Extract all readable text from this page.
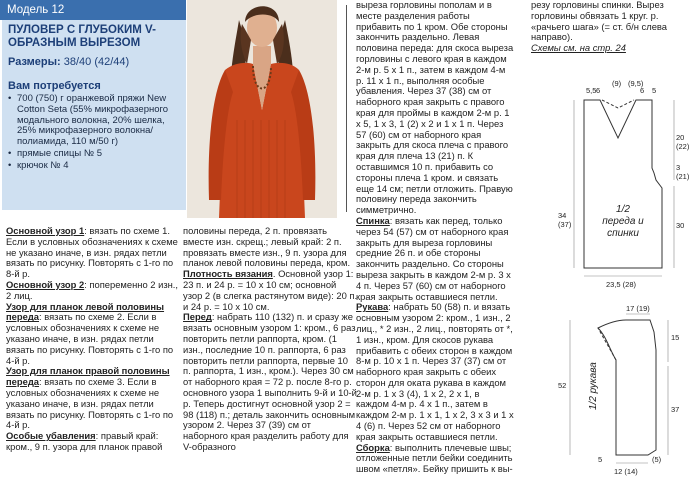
Модель 12
ПУЛОВЕР С ГЛУБОКИМ V-ОБРАЗНЫМ ВЫРЕЗОМ
Размеры: 38/40 (42/44)
Вам потребуется
• 700 (750) г оранжевой пряжи New Cotton Seta (55% микрофазерного модального волокна, 20% шелка, 25% микрофазерного волокна/полиамида, 110 м/50 г)
• прямые спицы № 5
• крючок № 4

Основной узор 1: вязать по схеме 1. Если в условных обозначениях к схеме не указано иначе, в изн. рядах петли вязать по рисунку. Повторять с 1-го по 8-й р.

Основной узор 2: попеременно 2 изн., 2 лиц.

Узор для планок левой половины переда: вязать по схеме 2. Если в условных обозначениях к схеме не указано иначе, в изн. рядах петли вязать по рисунку. Повторять с 1-го по 4-й р.

Узор для планок правой половины переда: вязать по схеме 3. Если в условных обозначениях к схеме не указано иначе, в изн. рядах петли вязать по рисунку. Повторять с 1-го по 4-й р.

Особые убавления: правый край: кром., 9 п. узора для планок правой

половины переда, 2 п. провязать вместе изн. скрещ.; левый край: 2 п. провязать вместе изн., 9 п. узора для планок левой половины переда, кром.

Плотность вязания. Основной узор 1: 23 п. и 24 р. = 10 х 10 см; основной узор 2 (в слегка растянутом виде): 20 п. и 24 р. = 10 х 10 см.

Перед: набрать 110 (132) п. и сразу же вязать основным узором 1: кром., 6 раз повторить петли раппорта, кром. (1 изн., последние 10 п. раппорта, 6 раз повторить петли раппорта, первые 10 п. раппорта, 1 изн., кром.). Через 30 см от наборного края = 72 р. после 8-го р. основного узора 1 выполнить 9-й и 10-й р. Теперь достигнут основной узор 2 = 98 (118) п.; деталь закончить основным узором 2. Через 37 (39) см от наборного края разделить работу для V-образного

выреза горловины пополам и в месте разделения работы прибавить по 1 кром. Обе стороны закончить раздельно. Левая половина переда: для скоса выреза горловины с левого края в каждом 2-м р. 5 х 1 п., затем в каждом 4-м р. 11 х 1 п., выполняя особые убавления. Через 37 (38) см от наборного края закрыть с правого края для проймы в каждом 2-м р. 1 х 5, 1 х 3, 1 (2) х 2 и 1 х 1 п. Через 57 (60) см от наборного края закрыть для скоса плеча с правого края для плеча 13 (21) п. К оставшимся 10 п. прибавить со стороны плеча 1 кром. и связать еще 14 см; петли отложить. Правую половину переда закончить симметрично.

Спинка: вязать как перед, только через 54 (57) см от наборного края закрыть для выреза горловины средние 26 п. и обе стороны закончить раздельно. Со стороны выреза закрыть в каждом 2-м р. 3 х 4 п. Через 57 (60) см от наборного края закрыть оставшиеся петли.

Рукава: набрать 50 (58) п. и вязать основным узором 2: кром., 1 изн., 2 лиц., * 2 изн., 2 лиц., повторять от *, 1 изн., кром. Для скосов рукава прибавить с обеих сторон в каждом 8-м р. 10 х 1 п. Через 37 (37) см от наборного края закрыть с обеих сторон для оката рукава в каждом 2-м р. 1 х 3 (4), 1 х 2, 2 х 1, в каждом 4-м р. 4 х 1 п., затем в каждом 2-м р. 1 х 1, 1 х 2, 3 х 3 и 1 х 4 (6) п. Через 52 см от наборного края закрыть оставшиеся петли.

Сборка: выполнить плечевые швы; отложенные петли бейки соединить швом «петля». Бейку пришить к вы-

резу горловины спинки. Вырез горловины обвязать 1 круг. р. «рачьего шага» (= ст. б/н слева направо).

Схемы см. на стр. 24

5,5 6
(9) (9,5)
6 5
20
(22)
3
(21)
30
34
(37)
23,5 (28)
1/2 переда и спинки
17 (19)
15
37
52
12 (14)
5	(5)
1/2 рукава
